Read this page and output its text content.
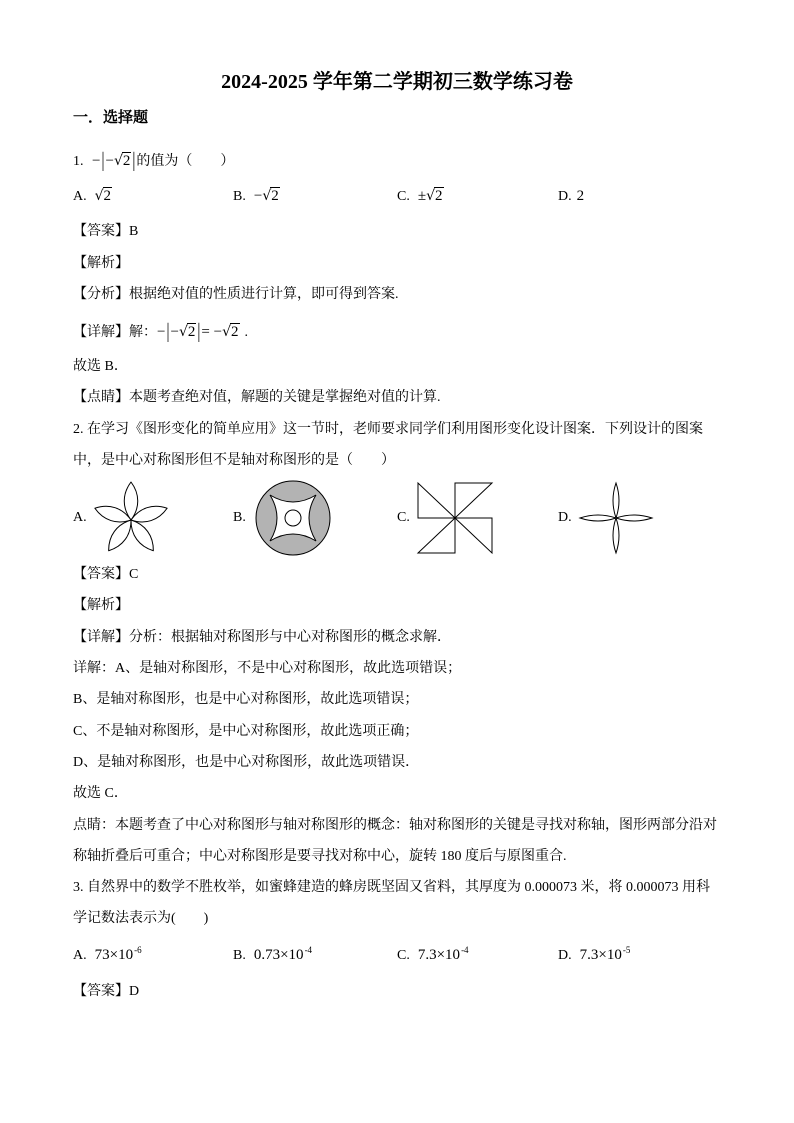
2024-2025 学年第二学期初三数学练习卷
一．选择题
1. −|−√2 |的值为（　　）
A. √2	B. −√2	C. ±√2	D. 2
【答案】B
【解析】
【分析】根据绝对值的性质进行计算，即可得到答案.
【详解】解：−|−√2 |= −√2 .
故选 B．
【点睛】本题考查绝对值，解题的关键是掌握绝对值的计算.
2. 在学习《图形变化的简单应用》这一节时，老师要求同学们利用图形变化设计图案．下列设计的图案
中，是中心对称图形但不是轴对称图形的是（　　）
A.	B.	C.	D.
【答案】C
【解析】
【详解】分析：根据轴对称图形与中心对称图形的概念求解．
详解：A、是轴对称图形，不是中心对称图形，故此选项错误；
B、是轴对称图形，也是中心对称图形，故此选项错误；
C、不是轴对称图形，是中心对称图形，故此选项正确；
D、是轴对称图形，也是中心对称图形，故此选项错误．
故选 C．
点睛：本题考查了中心对称图形与轴对称图形的概念：轴对称图形的关键是寻找对称轴，图形两部分沿对
称轴折叠后可重合；中心对称图形是要寻找对称中心，旋转 180 度后与原图重合.
3. 自然界中的数学不胜枚举，如蜜蜂建造的蜂房既坚固又省料，其厚度为 0.000073 米，将 0.000073 用科
学记数法表示为(　　)
A. $73\times 10^{-6}$	B. $0.73\times 10^{-4}$	C. $7.3\times 10^{-4}$	D. $7.3\times 10^{-5}$
【答案】D
